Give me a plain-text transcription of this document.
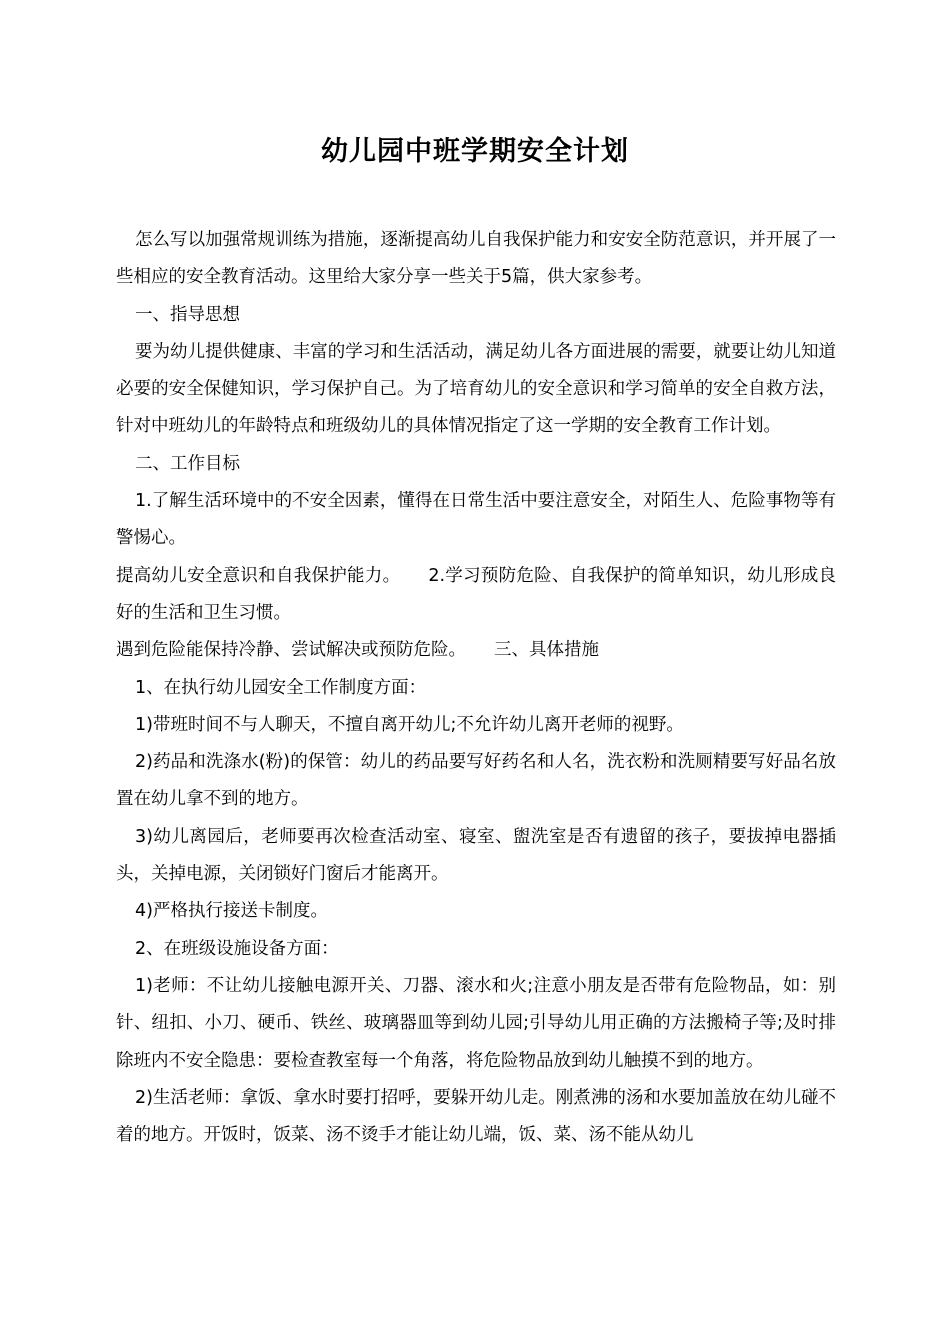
幼儿园中班学期安全计划

怎么写以加强常规训练为措施，逐渐提高幼儿自我保护能力和安安全防范意识，并开展了一些相应的安全教育活动。这里给大家分享一些关于5篇，供大家参考。

一、指导思想

要为幼儿提供健康、丰富的学习和生活活动，满足幼儿各方面进展的需要，就要让幼儿知道必要的安全保健知识，学习保护自己。为了培育幼儿的安全意识和学习简单的安全自救方法，针对中班幼儿的年龄特点和班级幼儿的具体情况指定了这一学期的安全教育工作计划。

二、工作目标

1.了解生活环境中的不安全因素，懂得在日常生活中要注意安全，对陌生人、危险事物等有警惕心。

提高幼儿安全意识和自我保护能力。 2.学习预防危险、自我保护的简单知识，幼儿形成良好的生活和卫生习惯。

遇到危险能保持冷静、尝试解决或预防危险。 三、具体措施

1、在执行幼儿园安全工作制度方面：

1)带班时间不与人聊天，不擅自离开幼儿;不允许幼儿离开老师的视野。

2)药品和洗涤水(粉)的保管：幼儿的药品要写好药名和人名，洗衣粉和洗厕精要写好品名放置在幼儿拿不到的地方。

3)幼儿离园后，老师要再次检查活动室、寝室、盥洗室是否有遗留的孩子，要拔掉电器插头，关掉电源，关闭锁好门窗后才能离开。

4)严格执行接送卡制度。

2、在班级设施设备方面：

1)老师：不让幼儿接触电源开关、刀器、滚水和火;注意小朋友是否带有危险物品，如：别针、纽扣、小刀、硬币、铁丝、玻璃器皿等到幼儿园;引导幼儿用正确的方法搬椅子等;及时排除班内不安全隐患：要检查教室每一个角落，将危险物品放到幼儿触摸不到的地方。

2)生活老师：拿饭、拿水时要打招呼，要躲开幼儿走。刚煮沸的汤和水要加盖放在幼儿碰不着的地方。开饭时，饭菜、汤不烫手才能让幼儿端，饭、菜、汤不能从幼儿
